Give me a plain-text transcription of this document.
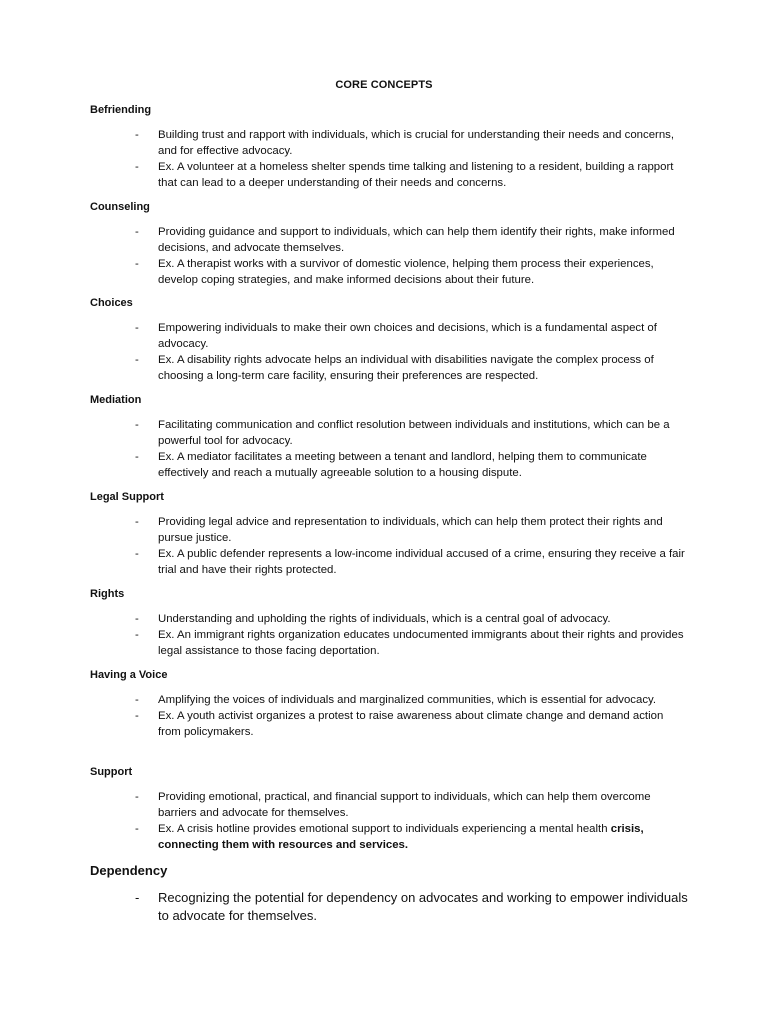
CORE CONCEPTS
Befriending
- Building trust and rapport with individuals, which is crucial for understanding their needs and concerns, and for effective advocacy.
- Ex. A volunteer at a homeless shelter spends time talking and listening to a resident, building a rapport that can lead to a deeper understanding of their needs and concerns.
Counseling
- Providing guidance and support to individuals, which can help them identify their rights, make informed decisions, and advocate themselves.
- Ex. A therapist works with a survivor of domestic violence, helping them process their experiences, develop coping strategies, and make informed decisions about their future.
Choices
- Empowering individuals to make their own choices and decisions, which is a fundamental aspect of advocacy.
- Ex. A disability rights advocate helps an individual with disabilities navigate the complex process of choosing a long-term care facility, ensuring their preferences are respected.
Mediation
- Facilitating communication and conflict resolution between individuals and institutions, which can be a powerful tool for advocacy.
- Ex. A mediator facilitates a meeting between a tenant and landlord, helping them to communicate effectively and reach a mutually agreeable solution to a housing dispute.
Legal Support
- Providing legal advice and representation to individuals, which can help them protect their rights and pursue justice.
- Ex. A public defender represents a low-income individual accused of a crime, ensuring they receive a fair trial and have their rights protected.
Rights
- Understanding and upholding the rights of individuals, which is a central goal of advocacy.
- Ex. An immigrant rights organization educates undocumented immigrants about their rights and provides legal assistance to those facing deportation.
Having a Voice
- Amplifying the voices of individuals and marginalized communities, which is essential for advocacy.
- Ex. A youth activist organizes a protest to raise awareness about climate change and demand action from policymakers.
Support
- Providing emotional, practical, and financial support to individuals, which can help them overcome barriers and advocate for themselves.
- Ex. A crisis hotline provides emotional support to individuals experiencing a mental health crisis, connecting them with resources and services.
Dependency
- Recognizing the potential for dependency on advocates and working to empower individuals to advocate for themselves.
